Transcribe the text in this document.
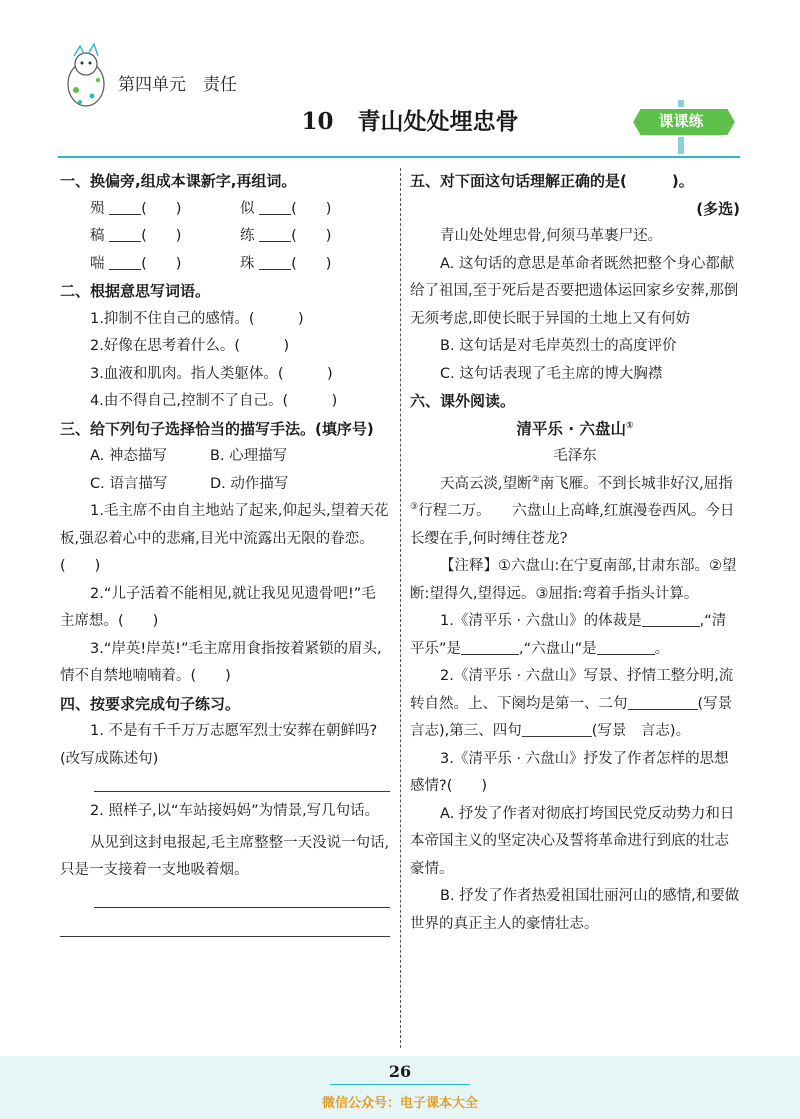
第四单元　责任
10 青山处处埋忠骨	课课练
一、换偏旁,组成本课新字,再组词。
殒	(　　)	似	(　　)
稿	(　　)	练	(　　)
喘	(　　)	珠	(　　)
二、根据意思写词语。
1.抑制不住自己的感情。(　　　)
2.好像在思考着什么。(　　　)
3.血液和肌肉。指人类躯体。(　　　)
4.由不得自己,控制不了自己。(　　　)
三、给下列句子选择恰当的描写手法。(填序号)
A. 神态描写	B. 心理描写
C. 语言描写	D. 动作描写

1.毛主席不由自主地站了起来,仰起头,望着天花板,强忍着心中的悲痛,目光中流露出无限的眷恋。(　　)

2.“儿子活着不能相见,就让我见见遗骨吧!”毛主席想。(　　)

3.“岸英!岸英!”毛主席用食指按着紧锁的眉头,情不自禁地喃喃着。(　　)

四、按要求完成句子练习。

1. 不是有千千万万志愿军烈士安葬在朝鲜吗?(改写成陈述句)

2. 照样子,以“车站接妈妈”为情景,写几句话。

从见到这封电报起,毛主席整整一天没说一句话,只是一支接着一支地吸着烟。

五、对下面这句话理解正确的是(　　　)。
(多选)

青山处处埋忠骨,何须马革裹尸还。

A. 这句话的意思是革命者既然把整个身心都献给了祖国,至于死后是否要把遗体运回家乡安葬,那倒无须考虑,即使长眠于异国的土地上又有何妨

B. 这句话是对毛岸英烈士的高度评价

C. 这句话表现了毛主席的博大胸襟

六、课外阅读。
清平乐 · 六盘山①
毛泽东

天高云淡,望断②南飞雁。不到长城非好汉,屈指③行程二万。　　六盘山上高峰,红旗漫卷西风。今日长缨在手,何时缚住苍龙?

【注释】①六盘山:在宁夏南部,甘肃东部。②望断:望得久,望得远。③屈指:弯着手指头计算。

1.《清平乐 · 六盘山》的体裁是	,“清平乐”是	,“六盘山”是	。

2.《清平乐 · 六盘山》写景、抒情工整分明,流转自然。上、下阕均是第一、二句	(写景　言志),第三、四句	(写景　言志)。

3.《清平乐 · 六盘山》抒发了作者怎样的思想感情?(　　)

A. 抒发了作者对彻底打垮国民党反动势力和日本帝国主义的坚定决心及誓将革命进行到底的壮志豪情。

B. 抒发了作者热爱祖国壮丽河山的感情,和要做世界的真正主人的豪情壮志。

26
微信公众号：电子课本大全
